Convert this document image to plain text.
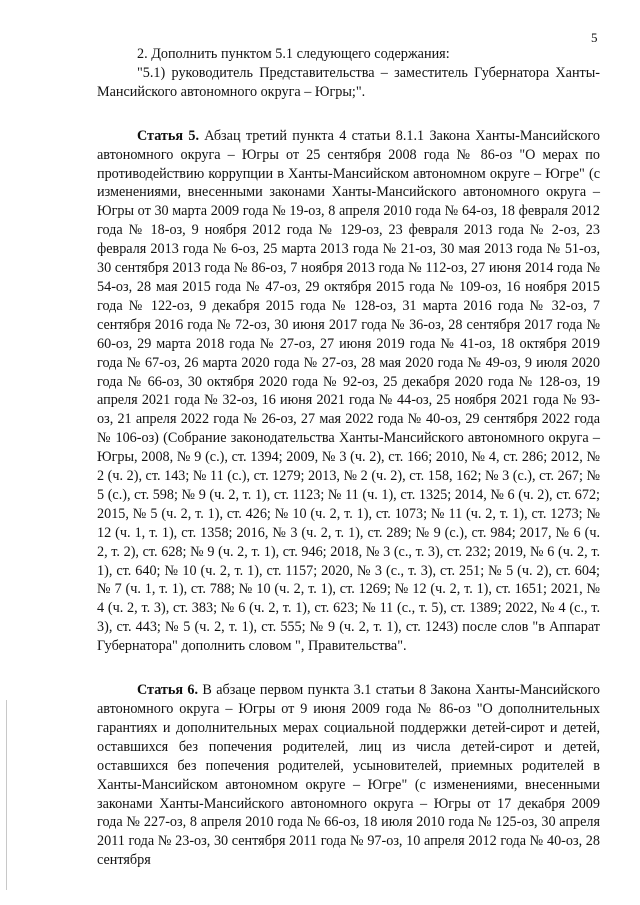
5

2. Дополнить пунктом 5.1 следующего содержания:

"5.1) руководитель Представительства – заместитель Губернатора Ханты-Мансийского автономного округа – Югры;".

Статья 5. Абзац третий пункта 4 статьи 8.1.1 Закона Ханты-Мансийского автономного округа – Югры от 25 сентября 2008 года № 86-оз "О мерах по противодействию коррупции в Ханты-Мансийском автономном округе – Югре" (с изменениями, внесенными законами Ханты-Мансийского автономного округа – Югры от 30 марта 2009 года № 19-оз, 8 апреля 2010 года № 64-оз, 18 февраля 2012 года № 18-оз, 9 ноября 2012 года № 129-оз, 23 февраля 2013 года № 2-оз, 23 февраля 2013 года № 6-оз, 25 марта 2013 года № 21-оз, 30 мая 2013 года № 51-оз, 30 сентября 2013 года № 86-оз, 7 ноября 2013 года № 112-оз, 27 июня 2014 года № 54-оз, 28 мая 2015 года № 47-оз, 29 октября 2015 года № 109-оз, 16 ноября 2015 года № 122-оз, 9 декабря 2015 года № 128-оз, 31 марта 2016 года № 32-оз, 7 сентября 2016 года № 72-оз, 30 июня 2017 года № 36-оз, 28 сентября 2017 года № 60-оз, 29 марта 2018 года № 27-оз, 27 июня 2019 года № 41-оз, 18 октября 2019 года № 67-оз, 26 марта 2020 года № 27-оз, 28 мая 2020 года № 49-оз, 9 июля 2020 года № 66-оз, 30 октября 2020 года № 92-оз, 25 декабря 2020 года № 128-оз, 19 апреля 2021 года № 32-оз, 16 июня 2021 года № 44-оз, 25 ноября 2021 года № 93-оз, 21 апреля 2022 года № 26-оз, 27 мая 2022 года № 40-оз, 29 сентября 2022 года № 106-оз) (Собрание законодательства Ханты-Мансийского автономного округа – Югры, 2008, № 9 (с.), ст. 1394; 2009, № 3 (ч. 2), ст. 166; 2010, № 4, ст. 286; 2012, № 2 (ч. 2), ст. 143; № 11 (с.), ст. 1279; 2013, № 2 (ч. 2), ст. 158, 162; № 3 (с.), ст. 267; № 5 (с.), ст. 598; № 9 (ч. 2, т. 1), ст. 1123; № 11 (ч. 1), ст. 1325; 2014, № 6 (ч. 2), ст. 672; 2015, № 5 (ч. 2, т. 1), ст. 426; № 10 (ч. 2, т. 1), ст. 1073; № 11 (ч. 2, т. 1), ст. 1273; № 12 (ч. 1, т. 1), ст. 1358; 2016, № 3 (ч. 2, т. 1), ст. 289; № 9 (с.), ст. 984; 2017, № 6 (ч. 2, т. 2), ст. 628; № 9 (ч. 2, т. 1), ст. 946; 2018, № 3 (с., т. 3), ст. 232; 2019, № 6 (ч. 2, т. 1), ст. 640; № 10 (ч. 2, т. 1), ст. 1157; 2020, № 3 (с., т. 3), ст. 251; № 5 (ч. 2), ст. 604; № 7 (ч. 1, т. 1), ст. 788; № 10 (ч. 2, т. 1), ст. 1269; № 12 (ч. 2, т. 1), ст. 1651; 2021, № 4 (ч. 2, т. 3), ст. 383; № 6 (ч. 2, т. 1), ст. 623; № 11 (с., т. 5), ст. 1389; 2022, № 4 (с., т. 3), ст. 443; № 5 (ч. 2, т. 1), ст. 555; № 9 (ч. 2, т. 1), ст. 1243) после слов "в Аппарат Губернатора" дополнить словом ", Правительства".

Статья 6. В абзаце первом пункта 3.1 статьи 8 Закона Ханты-Мансийского автономного округа – Югры от 9 июня 2009 года № 86-оз "О дополнительных гарантиях и дополнительных мерах социальной поддержки детей-сирот и детей, оставшихся без попечения родителей, лиц из числа детей-сирот и детей, оставшихся без попечения родителей, усыновителей, приемных родителей в Ханты-Мансийском автономном округе – Югре" (с изменениями, внесенными законами Ханты-Мансийского автономного округа – Югры от 17 декабря 2009 года № 227-оз, 8 апреля 2010 года № 66-оз, 18 июля 2010 года № 125-оз, 30 апреля 2011 года № 23-оз, 30 сентября 2011 года № 97-оз, 10 апреля 2012 года № 40-оз, 28 сентября
